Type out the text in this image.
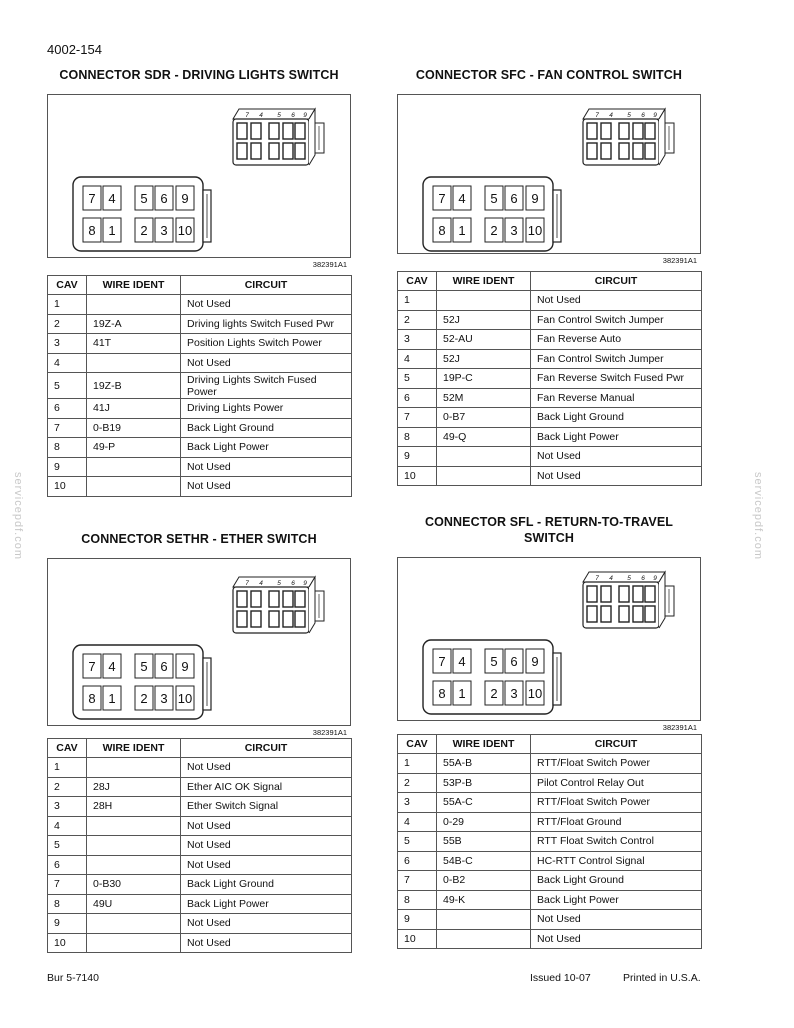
4002-154
servicepdf.com	servicepdf.com
CONNECTOR SDR - DRIVING LIGHTS SWITCH
7 4 5 6 9
8 1 2 3 10
7 4 5 6 9
382391A1
CAV	WIRE IDENT	CIRCUIT
1		Not Used
2	19Z-A	Driving lights Switch Fused Pwr
3	41T	Position Lights Switch Power
4		Not Used
5	19Z-B	Driving Lights Switch Fused Power
6	41J	Driving Lights Power
7	0-B19	Back Light Ground
8	49-P	Back Light Power
9		Not Used
10		Not Used
CONNECTOR SFC - FAN CONTROL SWITCH
7 4 5 6 9
8 1 2 3 10
7 4 5 6 9
382391A1
CAV	WIRE IDENT	CIRCUIT
1		Not Used
2	52J	Fan Control Switch Jumper
3	52-AU	Fan Reverse Auto
4	52J	Fan Control Switch Jumper
5	19P-C	Fan Reverse Switch Fused Pwr
6	52M	Fan Reverse Manual
7	0-B7	Back Light Ground
8	49-Q	Back Light Power
9		Not Used
10		Not Used
CONNECTOR SETHR - ETHER SWITCH
7 4 5 6 9
8 1 2 3 10
7 4 5 6 9
382391A1
CAV	WIRE IDENT	CIRCUIT
1		Not Used
2	28J	Ether AIC OK Signal
3	28H	Ether Switch Signal
4		Not Used
5		Not Used
6		Not Used
7	0-B30	Back Light Ground
8	49U	Back Light Power
9		Not Used
10		Not Used
CONNECTOR SFL - RETURN-TO-TRAVEL SWITCH
7 4 5 6 9
8 1 2 3 10
7 4 5 6 9
382391A1
CAV	WIRE IDENT	CIRCUIT
1	55A-B	RTT/Float Switch Power
2	53P-B	Pilot Control Relay Out
3	55A-C	RTT/Float Switch Power
4	0-29	RTT/Float Ground
5	55B	RTT Float Switch Control
6	54B-C	HC-RTT Control Signal
7	0-B2	Back Light Ground
8	49-K	Back Light Power
9		Not Used
10		Not Used
Bur 5-7140	Issued 10-07	Printed in U.S.A.
